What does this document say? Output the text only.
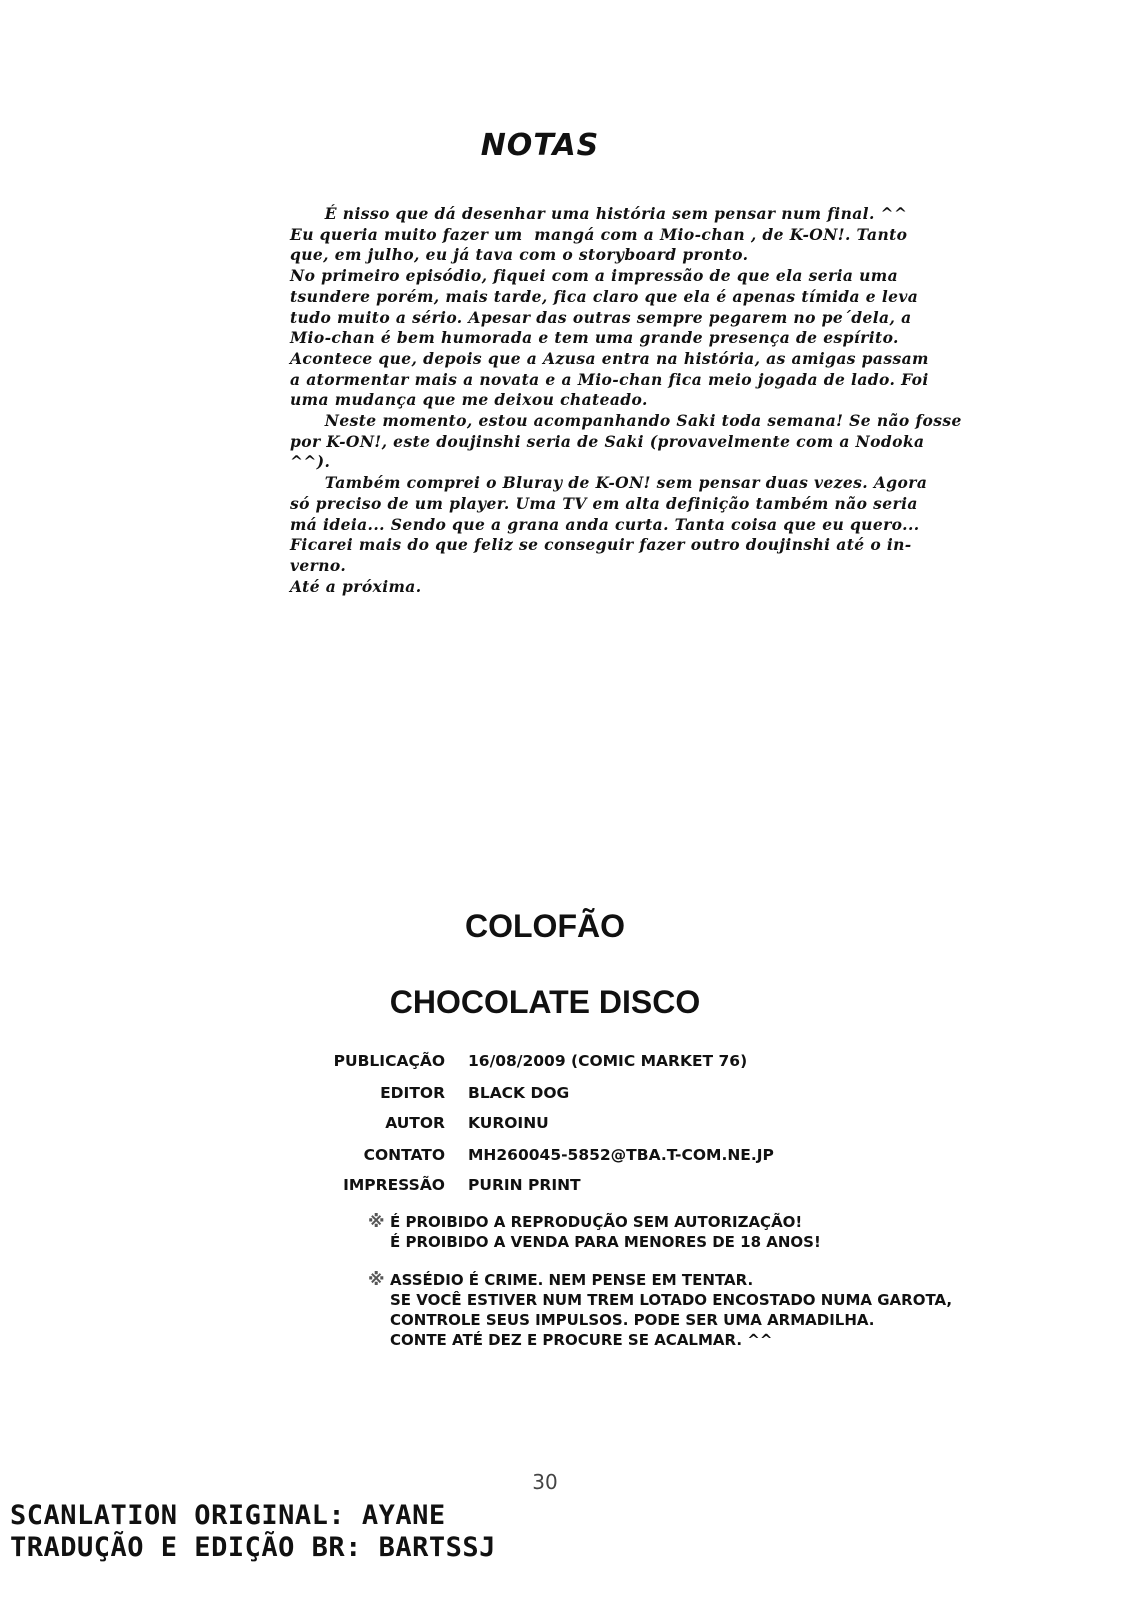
NOTAS

É nisso que dá desenhar uma história sem pensar num final. ^^

Eu queria muito fazer um  mangá com a Mio-chan , de K-ON!. Tanto

que, em julho, eu já tava com o storyboard pronto.

No primeiro episódio, fiquei com a impressão de que ela seria uma

tsundere porém, mais tarde, fica claro que ela é apenas tímida e leva

tudo muito a sério. Apesar das outras sempre pegarem no pe´dela, a

Mio-chan é bem humorada e tem uma grande presença de espírito.

Acontece que, depois que a Azusa entra na história, as amigas passam

a atormentar mais a novata e a Mio-chan fica meio jogada de lado. Foi

uma mudança que me deixou chateado.

Neste momento, estou acompanhando Saki toda semana! Se não fosse

por K-ON!, este doujinshi seria de Saki (provavelmente com a Nodoka

^^).

Também comprei o Bluray de K-ON! sem pensar duas vezes. Agora

só preciso de um player. Uma TV em alta definição também não seria

má ideia... Sendo que a grana anda curta. Tanta coisa que eu quero...

Ficarei mais do que feliz se conseguir fazer outro doujinshi até o in-

verno.

Até a próxima.

COLOFÃO
CHOCOLATE DISCO
PUBLICAÇÃO 16/08/2009 (COMIC MARKET 76)
EDITOR BLACK DOG
AUTOR KUROINU
CONTATO MH260045-5852@TBA.T-COM.NE.JP
IMPRESSÃO PURIN PRINT
※ É PROIBIDO A REPRODUÇÃO SEM AUTORIZAÇÃO!
É PROIBIDO A VENDA PARA MENORES DE 18 ANOS!
※ ASSÉDIO É CRIME. NEM PENSE EM TENTAR.
SE VOCÊ ESTIVER NUM TREM LOTADO ENCOSTADO NUMA GAROTA,
CONTROLE SEUS IMPULSOS. PODE SER UMA ARMADILHA.
CONTE ATÉ DEZ E PROCURE SE ACALMAR. ^^
30
SCANLATION ORIGINAL: AYANE
TRADUÇÃO E EDIÇÃO BR: BARTSSJ
